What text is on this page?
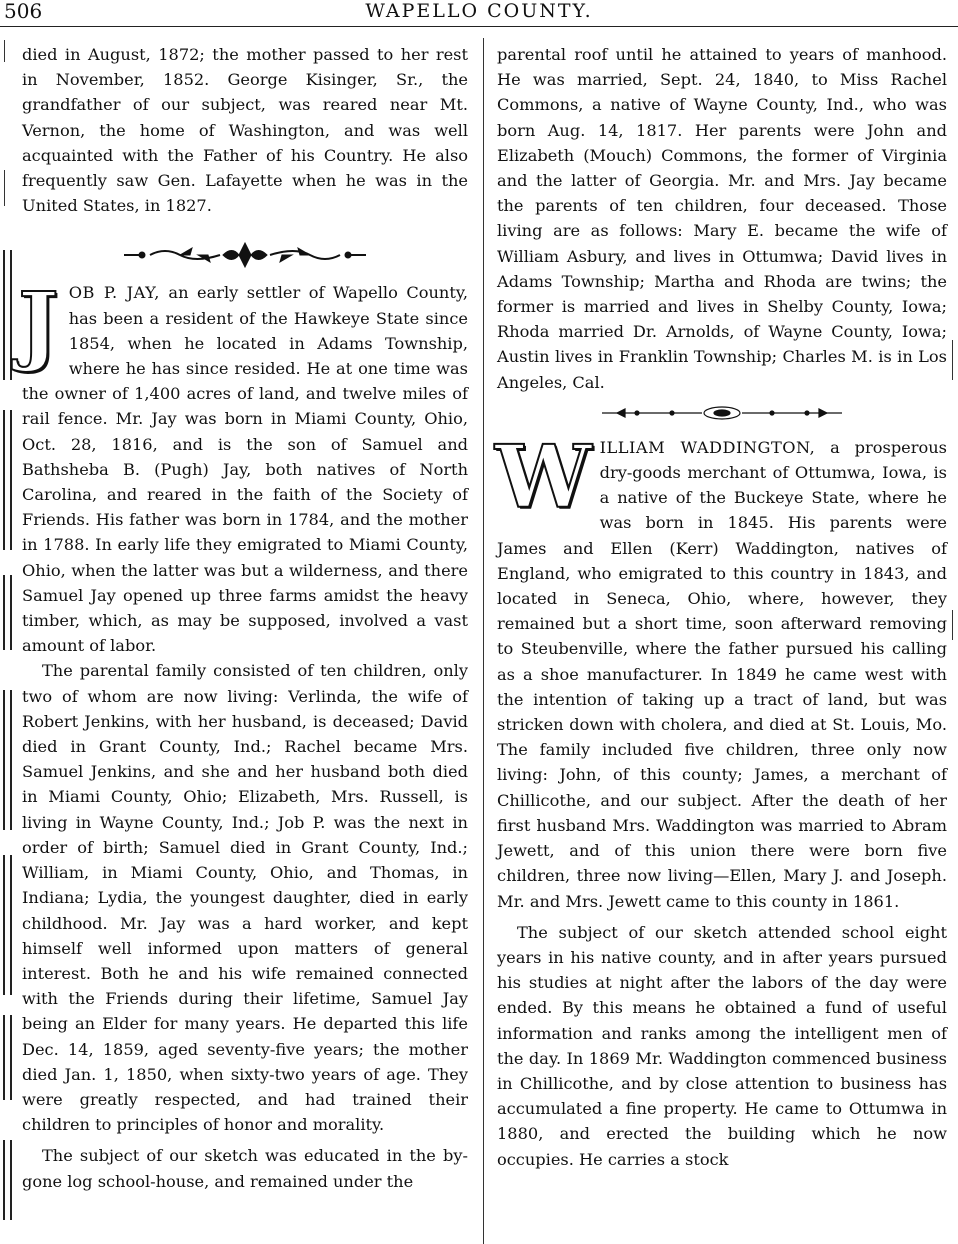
506	WAPELLO COUNTY.

died in August, 1872; the mother passed to her rest in November, 1852. George Kisinger, Sr., the grandfather of our subject, was reared near Mt. Vernon, the home of Washington, and was well acquainted with the Father of his Country. He also frequently saw Gen. Lafayette when he was in the United States, in 1827.

JOB P. JAY, an early settler of Wapello County, has been a resident of the Hawkeye State since 1854, when he located in Adams Township, where he has since resided. He at one time was the owner of 1,400 acres of land, and twelve miles of rail fence. Mr. Jay was born in Miami County, Ohio, Oct. 28, 1816, and is the son of Samuel and Bathsheba B. (Pugh) Jay, both natives of North Carolina, and reared in the faith of the Society of Friends. His father was born in 1784, and the mother in 1788. In early life they emigrated to Miami County, Ohio, when the latter was but a wilderness, and there Samuel Jay opened up three farms amidst the heavy timber, which, as may be supposed, involved a vast amount of labor.

The parental family consisted of ten children, only two of whom are now living: Verlinda, the wife of Robert Jenkins, with her husband, is deceased; David died in Grant County, Ind.; Rachel became Mrs. Samuel Jenkins, and she and her husband both died in Miami County, Ohio; Elizabeth, Mrs. Russell, is living in Wayne County, Ind.; Job P. was the next in order of birth; Samuel died in Grant County, Ind.; William, in Miami County, Ohio, and Thomas, in Indiana; Lydia, the youngest daughter, died in early childhood. Mr. Jay was a hard worker, and kept himself well informed upon matters of general interest. Both he and his wife remained connected with the Friends during their lifetime, Samuel Jay being an Elder for many years. He departed this life Dec. 14, 1859, aged seventy-five years; the mother died Jan. 1, 1850, when sixty-two years of age. They were greatly respected, and had trained their children to principles of honor and morality.

The subject of our sketch was educated in the by-gone log school-house, and remained under the

parental roof until he attained to years of manhood. He was married, Sept. 24, 1840, to Miss Rachel Commons, a native of Wayne County, Ind., who was born Aug. 14, 1817. Her parents were John and Elizabeth (Mouch) Commons, the former of Virginia and the latter of Georgia. Mr. and Mrs. Jay became the parents of ten children, four deceased. Those living are as follows: Mary E. became the wife of William Asbury, and lives in Ottumwa; David lives in Adams Township; Martha and Rhoda are twins; the former is married and lives in Shelby County, Iowa; Rhoda married Dr. Arnolds, of Wayne County, Iowa; Austin lives in Franklin Township; Charles M. is in Los Angeles, Cal.

WILLIAM WADDINGTON, a prosperous dry-goods merchant of Ottumwa, Iowa, is a native of the Buckeye State, where he was born in 1845. His parents were James and Ellen (Kerr) Waddington, natives of England, who emigrated to this country in 1843, and located in Seneca, Ohio, where, however, they remained but a short time, soon afterward removing to Steubenville, where the father pursued his calling as a shoe manufacturer. In 1849 he came west with the intention of taking up a tract of land, but was stricken down with cholera, and died at St. Louis, Mo. The family included five children, three only now living: John, of this county; James, a merchant of Chillicothe, and our subject. After the death of her first husband Mrs. Waddington was married to Abram Jewett, and of this union there were born five children, three now living—Ellen, Mary J. and Joseph. Mr. and Mrs. Jewett came to this county in 1861.

The subject of our sketch attended school eight years in his native county, and in after years pursued his studies at night after the labors of the day were ended. By this means he obtained a fund of useful information and ranks among the intelligent men of the day. In 1869 Mr. Waddington commenced business in Chillicothe, and by close attention to business has accumulated a fine property. He came to Ottumwa in 1880, and erected the building which he now occupies. He carries a stock
